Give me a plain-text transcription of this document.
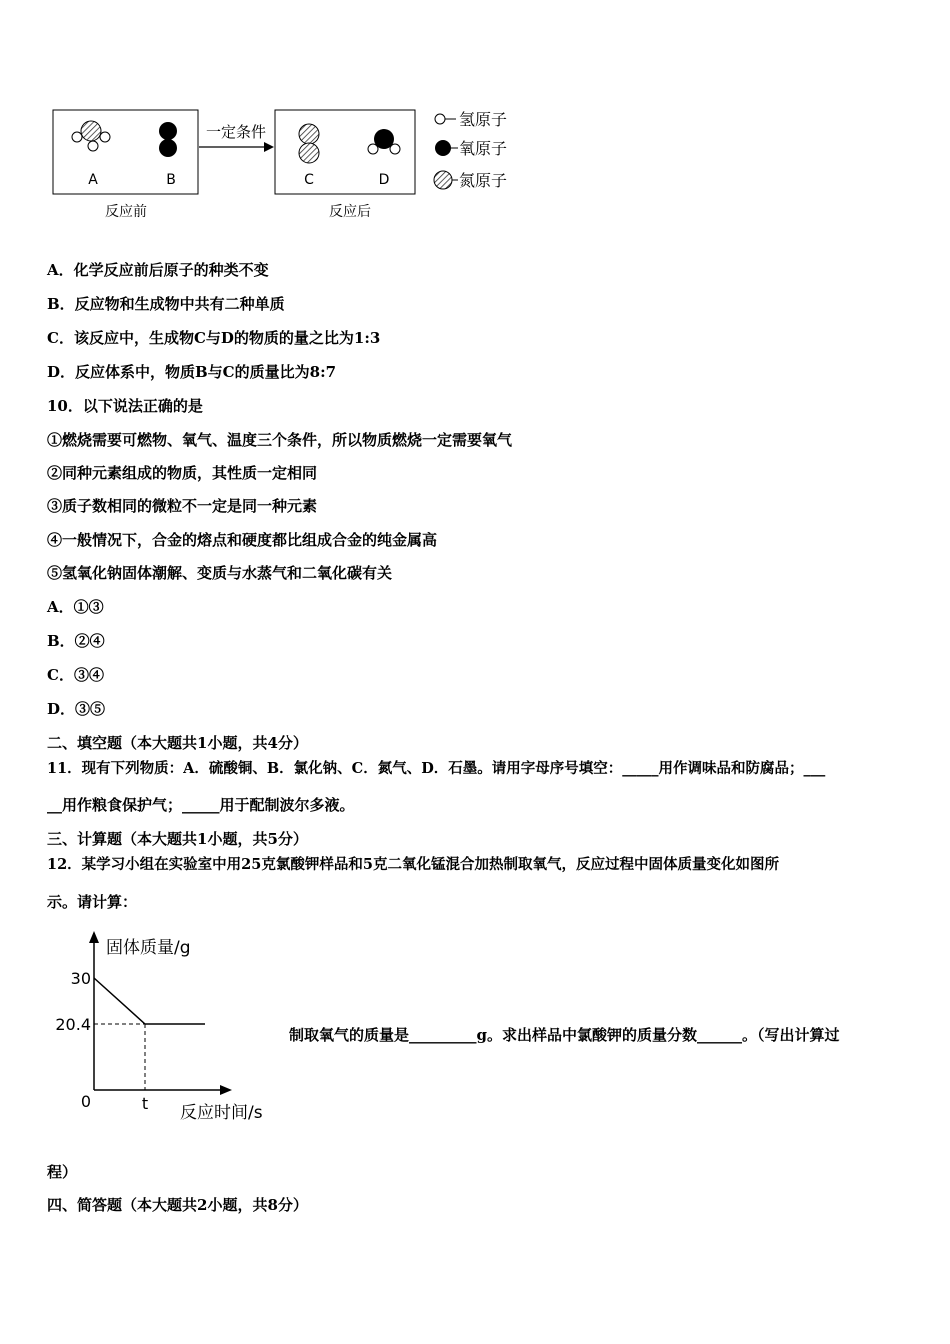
A	B
反应前
一定条件
C	D
反应后
氢原子
氧原子
氮原子
A．化学反应前后原子的种类不变
B．反应物和生成物中共有二种单质
C．该反应中，生成物C与D的物质的量之比为1:3
D．反应体系中，物质B与C的质量比为8:7
10．以下说法正确的是
①燃烧需要可燃物、氧气、温度三个条件，所以物质燃烧一定需要氧气
②同种元素组成的物质，其性质一定相同
③质子数相同的微粒不一定是同一种元素
④一般情况下，合金的熔点和硬度都比组成合金的纯金属高
⑤氢氧化钠固体潮解、变质与水蒸气和二氧化碳有关
A．①③
B．②④
C．③④
D．③⑤
二、填空题（本大题共1小题，共4分）
11．现有下列物质：A．硫酸铜、B．氯化钠、C．氮气、D．石墨。请用字母序号填空：_____用作调味品和防腐品；___
__用作粮食保护气；_____用于配制波尔多液。
三、计算题（本大题共1小题，共5分）
12．某学习小组在实验室中用25克氯酸钾样品和5克二氧化锰混合加热制取氧气，反应过程中固体质量变化如图所
示。请计算：
固体质量/g
反应时间/s
0	t
30
20.4
制取氧气的质量是_________g。求出样品中氯酸钾的质量分数______。（写出计算过
程）
四、简答题（本大题共2小题，共8分）
